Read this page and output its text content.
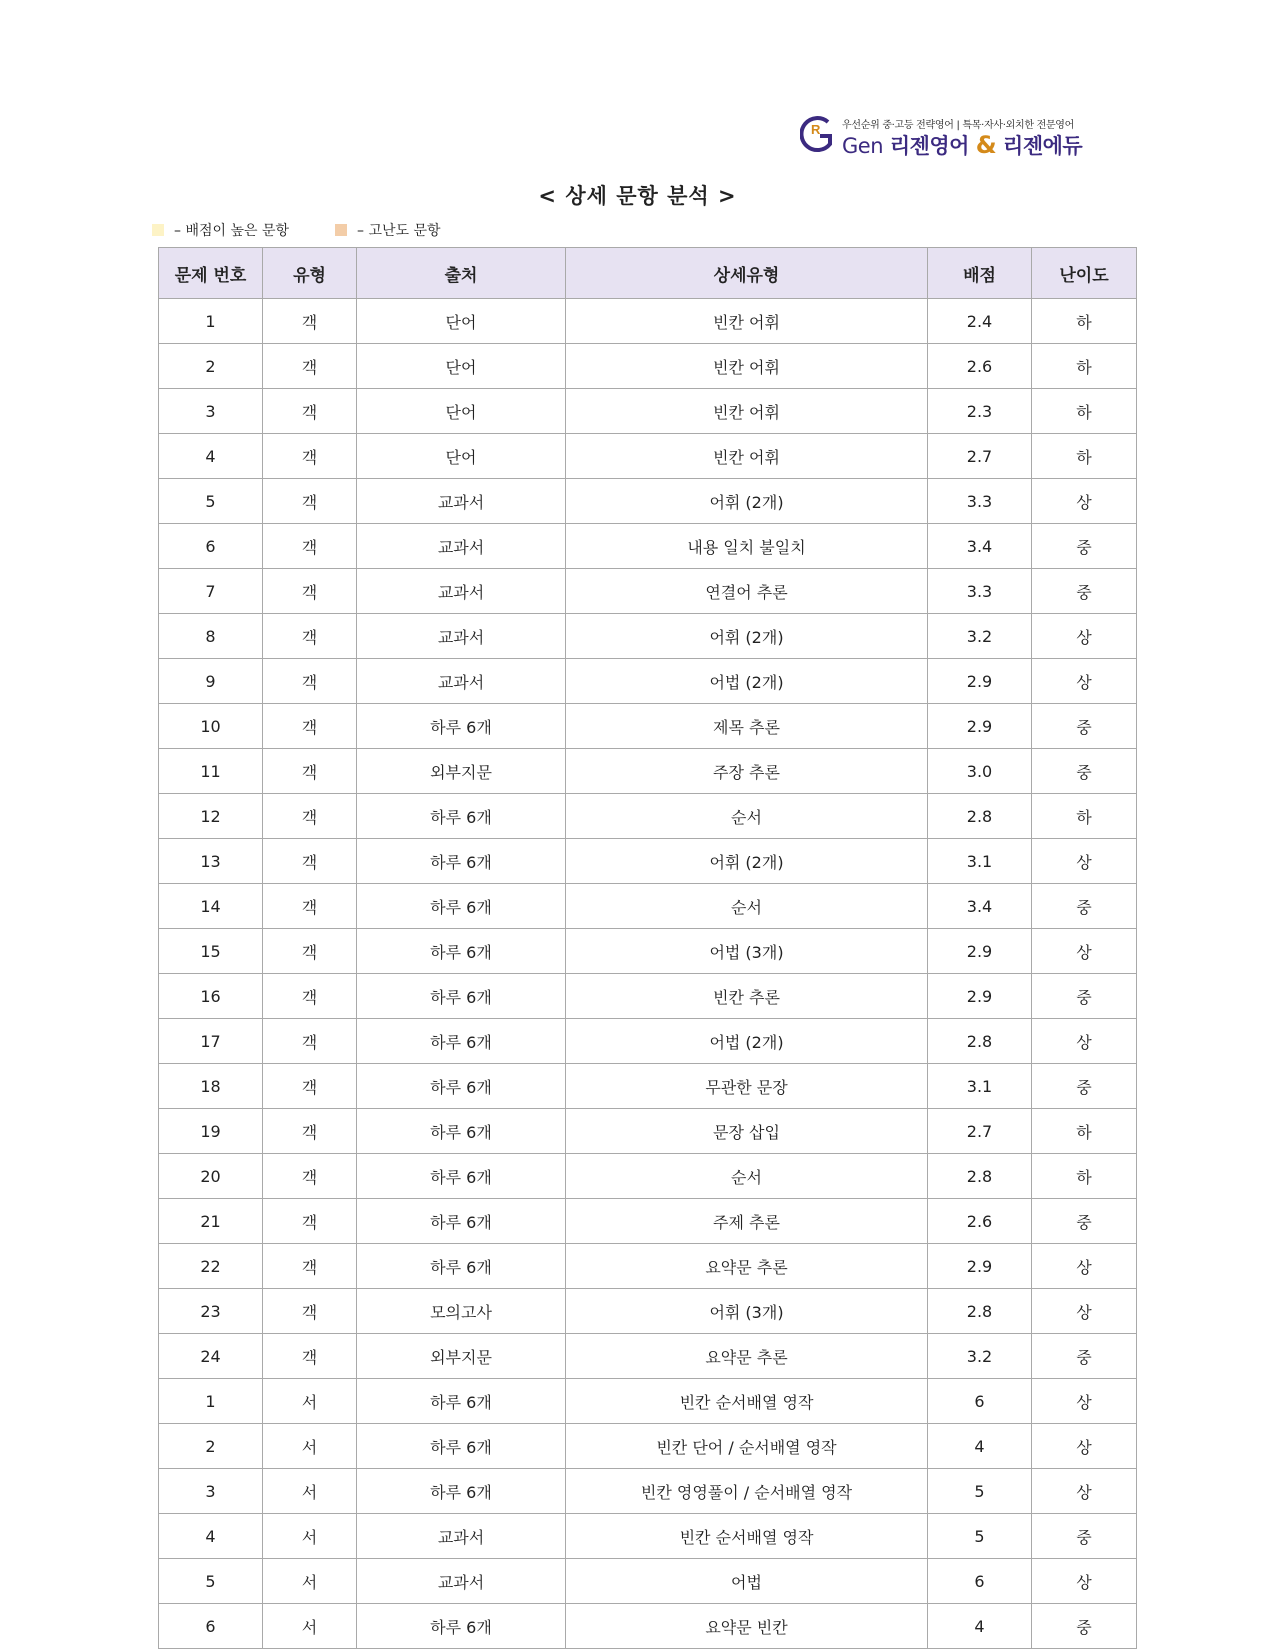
R 우선순위 중·고등 전략영어 | 특목·자사·외치한 전문영어
Gen 리젠영어 & 리젠에듀
< 상세 문항 분석 >
– 배점이 높은 문항	– 고난도 문항
문제 번호	유형	출처	상세유형	배점	난이도
1	객	단어	빈칸 어휘	2.4	하
2	객	단어	빈칸 어휘	2.6	하
3	객	단어	빈칸 어휘	2.3	하
4	객	단어	빈칸 어휘	2.7	하
5	객	교과서	어휘 (2개)	3.3	상
6	객	교과서	내용 일치 불일치	3.4	중
7	객	교과서	연결어 추론	3.3	중
8	객	교과서	어휘 (2개)	3.2	상
9	객	교과서	어법 (2개)	2.9	상
10	객	하루 6개	제목 추론	2.9	중
11	객	외부지문	주장 추론	3.0	중
12	객	하루 6개	순서	2.8	하
13	객	하루 6개	어휘 (2개)	3.1	상
14	객	하루 6개	순서	3.4	중
15	객	하루 6개	어법 (3개)	2.9	상
16	객	하루 6개	빈칸 추론	2.9	중
17	객	하루 6개	어법 (2개)	2.8	상
18	객	하루 6개	무관한 문장	3.1	중
19	객	하루 6개	문장 삽입	2.7	하
20	객	하루 6개	순서	2.8	하
21	객	하루 6개	주제 추론	2.6	중
22	객	하루 6개	요약문 추론	2.9	상
23	객	모의고사	어휘 (3개)	2.8	상
24	객	외부지문	요약문 추론	3.2	중
1	서	하루 6개	빈칸 순서배열 영작	6	상
2	서	하루 6개	빈칸 단어 / 순서배열 영작	4	상
3	서	하루 6개	빈칸 영영풀이 / 순서배열 영작	5	상
4	서	교과서	빈칸 순서배열 영작	5	중
5	서	교과서	어법	6	상
6	서	하루 6개	요약문 빈칸	4	중
